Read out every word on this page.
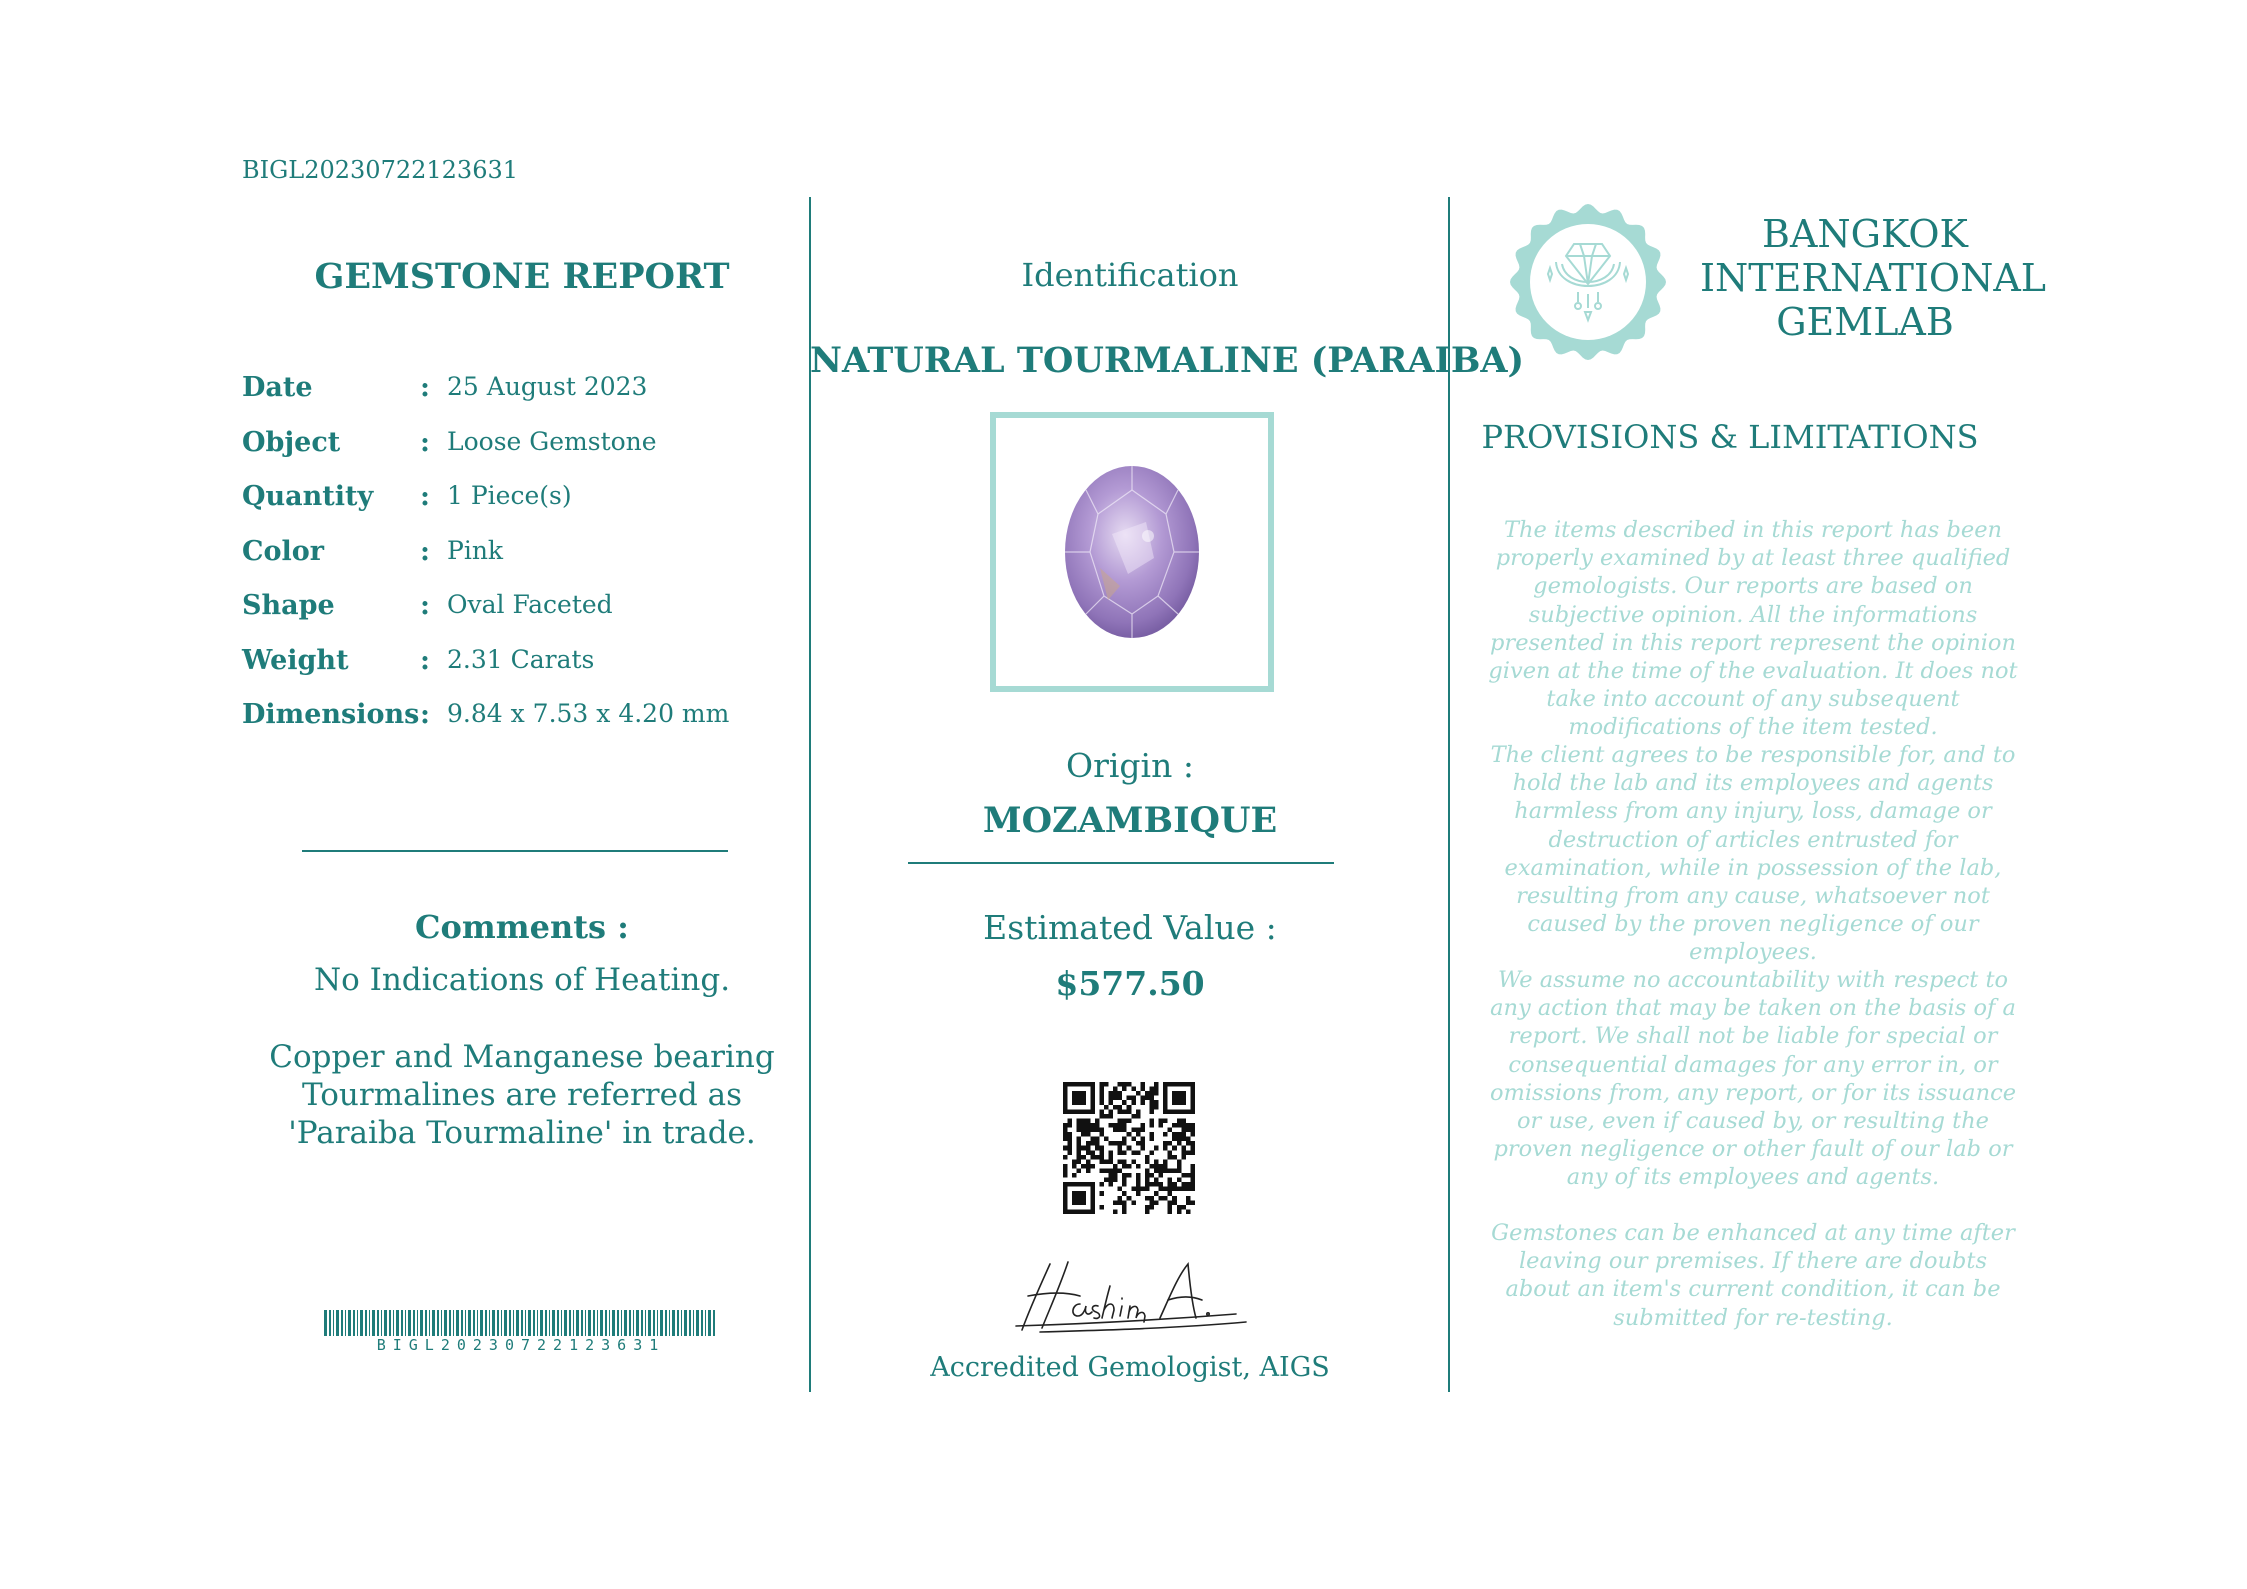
BIGL20230722123631
GEMSTONE REPORT
Date	: 25 August 2023
Object	: Loose Gemstone
Quantity : 1 Piece(s)
Color	: Pink
Shape	: Oval Faceted
Weight	: 2.31 Carats
Dimensions : 9.84 x 7.53 x 4.20 mm
Comments :
No Indications of Heating.
Copper and Manganese bearing Tourmalines are referred as 'Paraiba Tourmaline' in trade.
BIGL20230722123631
Identification
NATURAL TOURMALINE (PARAIBA)
Origin :
MOZAMBIQUE
Estimated Value :
$577.50
Accredited Gemologist, AIGS
BANGKOK
INTERNATIONAL
GEMLAB
PROVISIONS & LIMITATIONS
The items described in this report has been properly examined by at least three qualified gemologists. Our reports are based on subjective opinion. All the informations presented in this report represent the opinion given at the time of the evaluation. It does not take into account of any subsequent modifications of the item tested.
The client agrees to be responsible for, and to hold the lab and its employees and agents harmless from any injury, loss, damage or destruction of articles entrusted for examination, while in possession of the lab, resulting from any cause, whatsoever not caused by the proven negligence of our employees.
We assume no accountability with respect to any action that may be taken on the basis of a report. We shall not be liable for special or consequential damages for any error in, or omissions from, any report, or for its issuance or use, even if caused by, or resulting the proven negligence or other fault of our lab or any of its employees and agents.
Gemstones can be enhanced at any time after leaving our premises. If there are doubts about an item's current condition, it can be submitted for re-testing.
